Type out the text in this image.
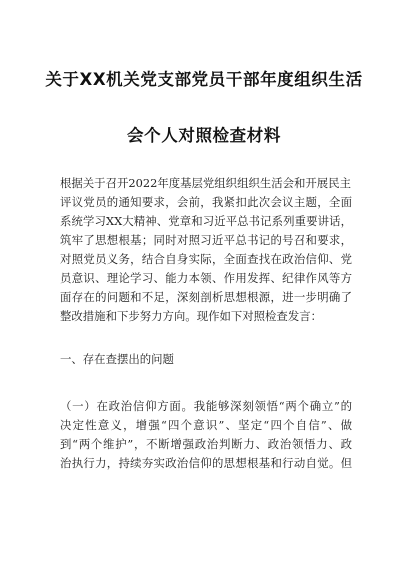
关于XX机关党支部党员干部年度组织生活
会个人对照检查材料
根据关于召开2022年度基层党组织组织生活会和开展民主
评议党员的通知要求，会前，我紧扣此次会议主题，全面
系统学习XX大精神、党章和习近平总书记系列重要讲话，
筑牢了思想根基；同时对照习近平总书记的号召和要求，
对照党员义务，结合自身实际，全面查找在政治信仰、党
员意识、理论学习、能力本领、作用发挥、纪律作风等方
面存在的问题和不足，深刻剖析思想根源，进一步明确了
整改措施和下步努力方向。现作如下对照检查发言：
一、存在查摆出的问题
（一）在政治信仰方面。我能够深刻领悟“两个确立”的
决定性意义，增强“四个意识”、坚定“四个自信”、做
到“两个维护”，不断增强政治判断力、政治领悟力、政
治执行力，持续夯实政治信仰的思想根基和行动自觉。但
